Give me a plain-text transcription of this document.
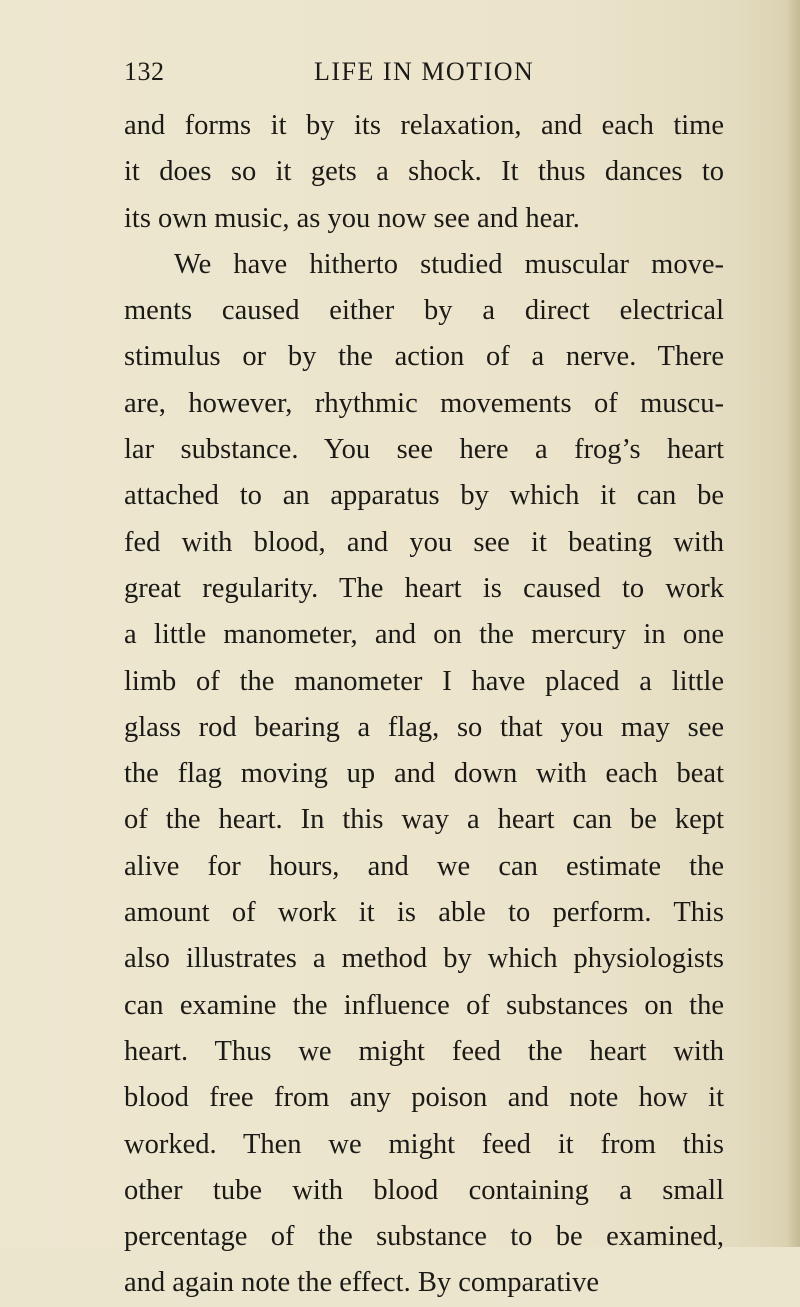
132	LIFE IN MOTION
and forms it by its relaxation, and each time
it does so it gets a shock. It thus dances to
its own music, as you now see and hear.
We have hitherto studied muscular move-
ments caused either by a direct electrical
stimulus or by the action of a nerve. There
are, however, rhythmic movements of muscu-
lar substance. You see here a frog’s heart
attached to an apparatus by which it can be
fed with blood, and you see it beating with
great regularity. The heart is caused to work
a little manometer, and on the mercury in one
limb of the manometer I have placed a little
glass rod bearing a flag, so that you may see
the flag moving up and down with each beat
of the heart. In this way a heart can be kept
alive for hours, and we can estimate the
amount of work it is able to perform. This
also illustrates a method by which physiologists
can examine the influence of substances on the
heart. Thus we might feed the heart with
blood free from any poison and note how it
worked. Then we might feed it from this
other tube with blood containing a small
percentage of the substance to be examined,
and again note the effect. By comparative
